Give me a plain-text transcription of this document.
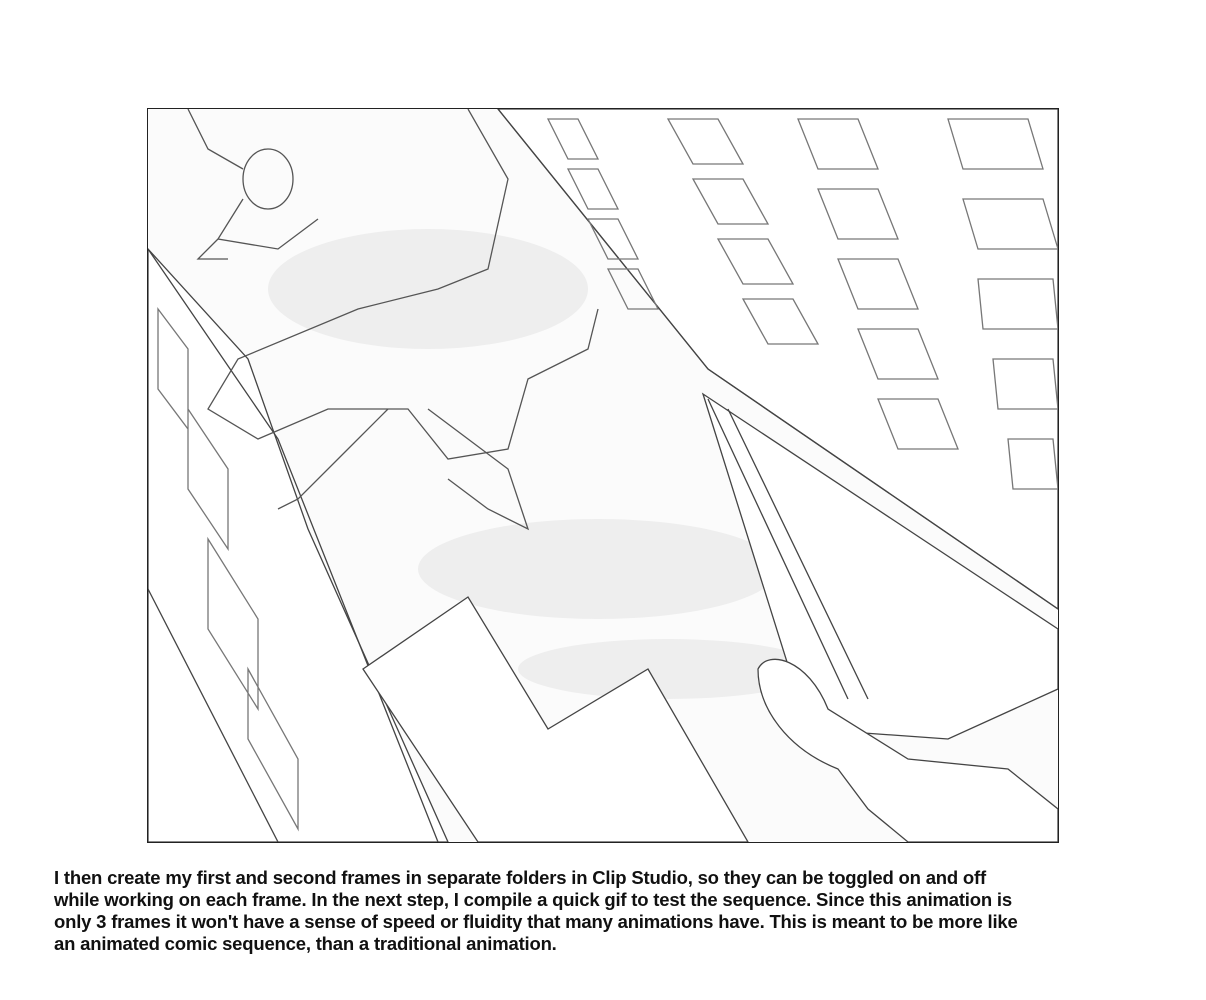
I then create my first and second frames in separate folders in Clip Studio, so they can be toggled on and off
while working on each frame. In the next step, I compile a quick gif to test the sequence. Since this animation is
only 3 frames it won't have a sense of speed or fluidity that many animations have. This is meant to be more like
an animated comic sequence, than a traditional animation.
